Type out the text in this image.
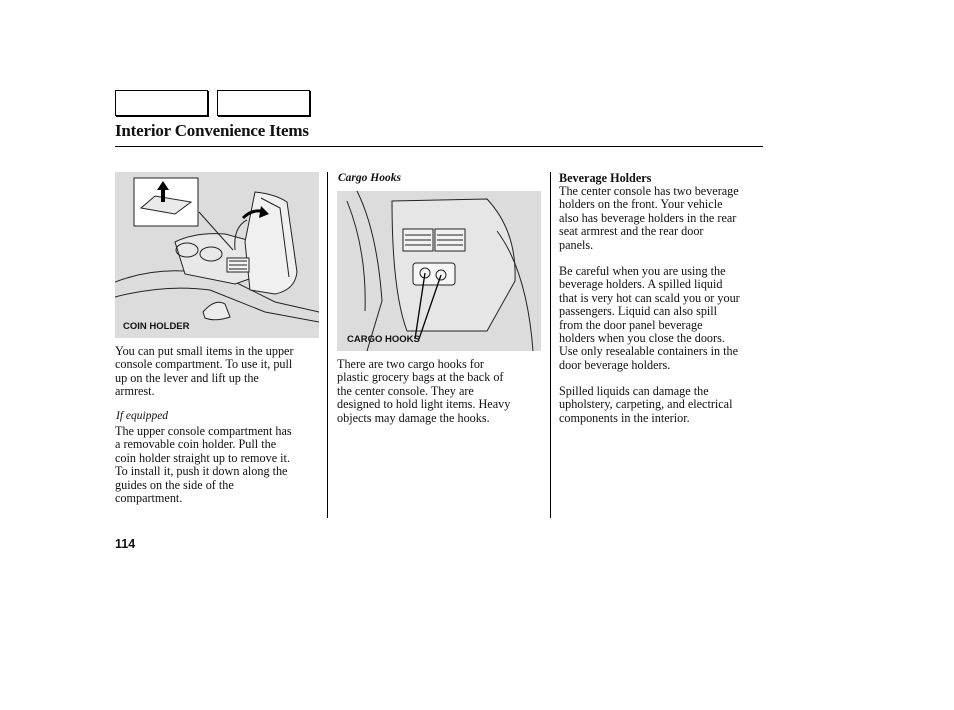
Interior Convenience Items
COIN HOLDER

You can put small items in the upper
console compartment. To use it, pull
up on the lever and lift up the
armrest.

If equipped

The upper console compartment has
a removable coin holder. Pull the
coin holder straight up to remove it.
To install it, push it down along the
guides on the side of the
compartment.

Cargo Hooks
CARGO HOOKS

There are two cargo hooks for
plastic grocery bags at the back of
the center console. They are
designed to hold light items. Heavy
objects may damage the hooks.

Beverage Holders

The center console has two beverage
holders on the front. Your vehicle
also has beverage holders in the rear
seat armrest and the rear door
panels.

Be careful when you are using the
beverage holders. A spilled liquid
that is very hot can scald you or your
passengers. Liquid can also spill
from the door panel beverage
holders when you close the doors.
Use only resealable containers in the
door beverage holders.

Spilled liquids can damage the
upholstery, carpeting, and electrical
components in the interior.

114
